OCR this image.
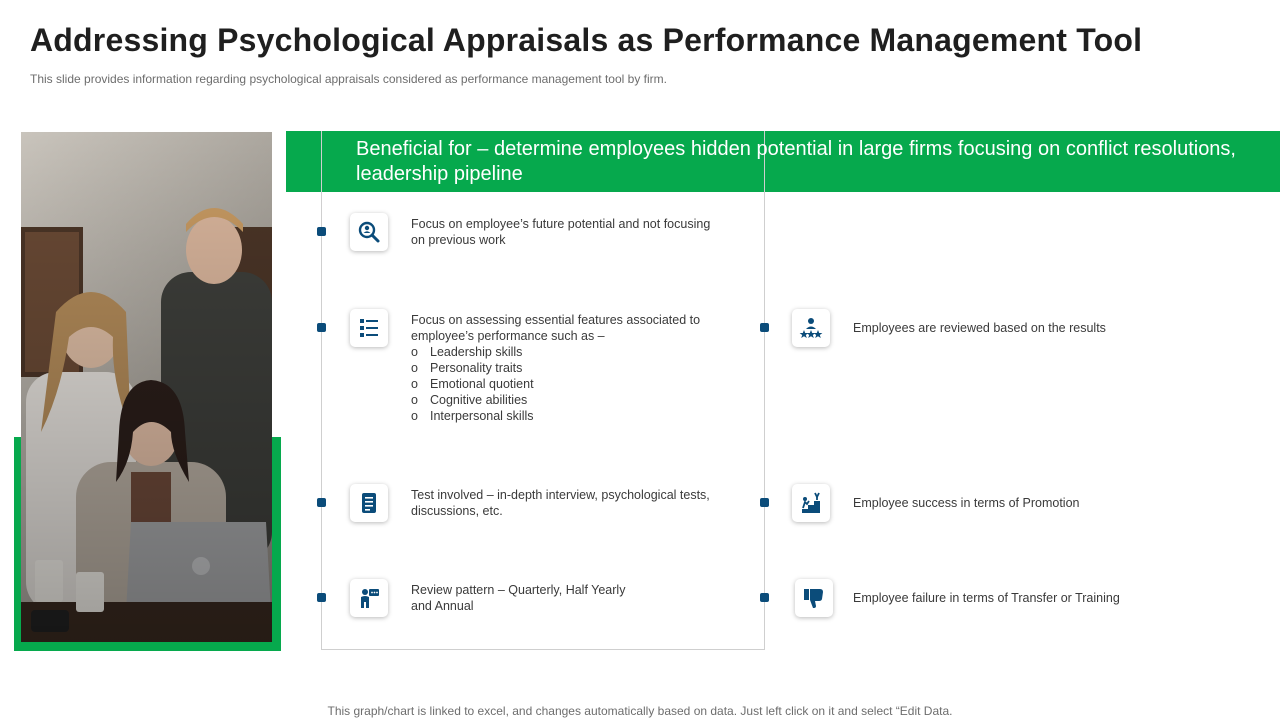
Addressing Psychological Appraisals as Performance Management Tool
This slide provides information regarding psychological appraisals considered as performance management tool by firm.
Beneficial for – determine employees hidden potential in large firms focusing on conflict resolutions, leadership pipeline
Focus on employee’s future potential and not focusing on previous work
Focus on assessing essential features associated to employee’s performance such as –
o Leadership skills
o Personality traits
o Emotional quotient
o Cognitive abilities
o Interpersonal skills
Test involved – in-depth interview, psychological tests, discussions, etc.
Review pattern – Quarterly, Half Yearly and Annual
Employees are reviewed based on the results
Employee success in terms of Promotion
Employee failure in terms of Transfer or Training
This graph/chart is linked to excel, and changes automatically based on data. Just left click on it and select “Edit Data.
